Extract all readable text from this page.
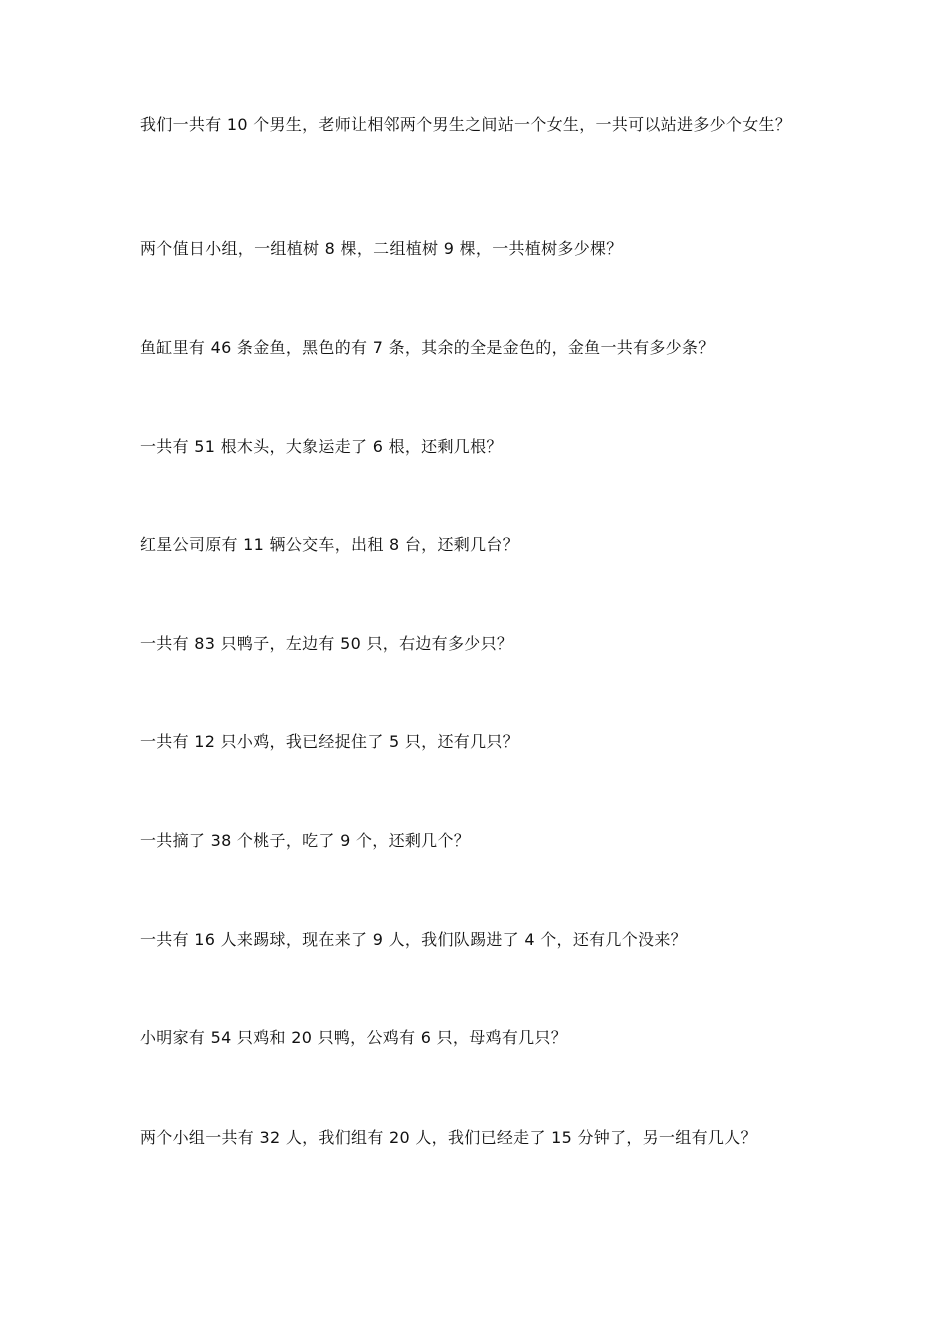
我们一共有 10 个男生，老师让相邻两个男生之间站一个女生，一共可以站进多少个女生？

两个值日小组，一组植树 8 棵，二组植树 9 棵，一共植树多少棵？

鱼缸里有 46 条金鱼，黑色的有 7 条，其余的全是金色的，金鱼一共有多少条？

一共有 51 根木头，大象运走了 6 根，还剩几根？

红星公司原有 11 辆公交车，出租 8 台，还剩几台？

一共有 83 只鸭子，左边有 50 只，右边有多少只？

一共有 12 只小鸡，我已经捉住了 5 只，还有几只？

一共摘了 38 个桃子，吃了 9 个，还剩几个？

一共有 16 人来踢球，现在来了 9 人，我们队踢进了 4 个，还有几个没来？

小明家有 54 只鸡和 20 只鸭，公鸡有 6 只，母鸡有几只？

两个小组一共有 32 人，我们组有 20 人，我们已经走了 15 分钟了，另一组有几人？
